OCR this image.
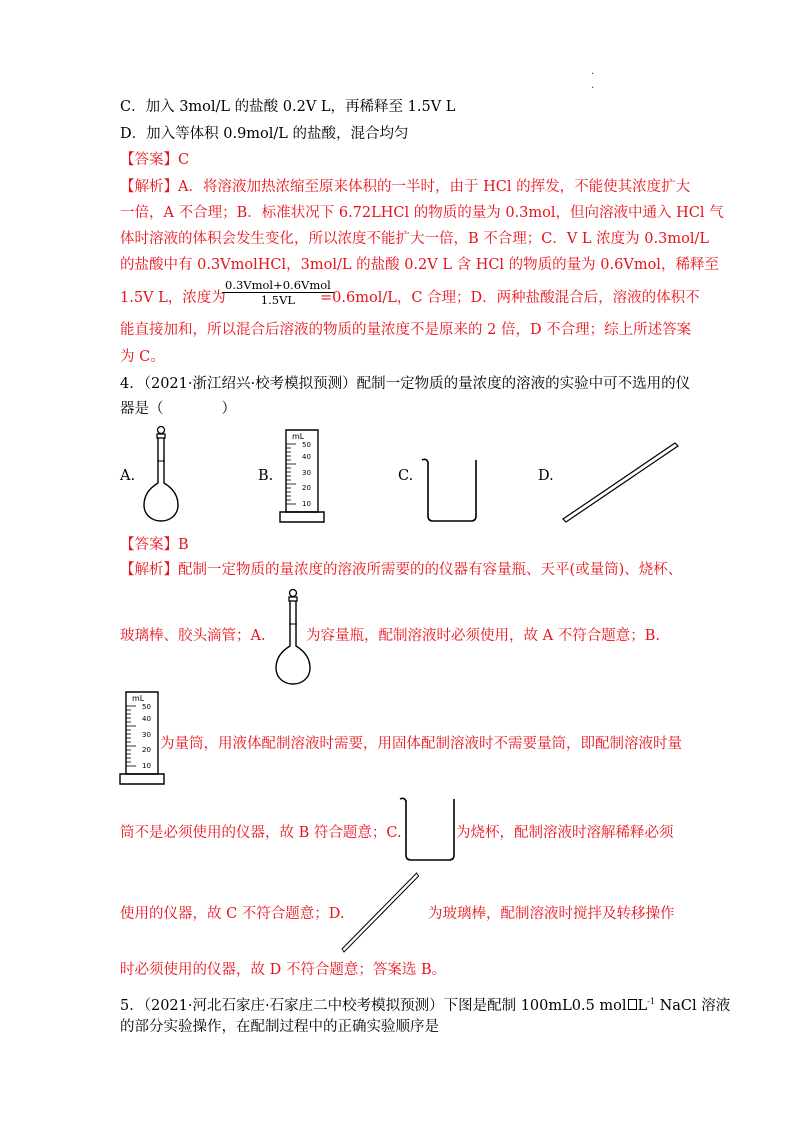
·
·
C．加入 3mol/L 的盐酸 0.2V L，再稀释至 1.5V L
D．加入等体积 0.9mol/L 的盐酸，混合均匀
【答案】C
【解析】A．将溶液加热浓缩至原来体积的一半时，由于 HCl 的挥发，不能使其浓度扩大
一倍，A 不合理；B．标准状况下 6.72LHCl 的物质的量为 0.3mol，但向溶液中通入 HCl 气
体时溶液的体积会发生变化，所以浓度不能扩大一倍，B 不合理；C．V L 浓度为 0.3mol/L
的盐酸中有 0.3VmolHCl，3mol/L 的盐酸 0.2V L 含 HCl 的物质的量为 0.6Vmol，稀释至
1.5V L，浓度为
$\frac{\text{0.3Vmol+0.6Vmol}}{1.5VL}$
=0.6mol/L，C 合理；D．两种盐酸混合后，溶液的体积不
能直接加和，所以混合后溶液的物质的量浓度不是原来的 2 倍，D 不合理；综上所述答案
为 C。
4．（2021·浙江绍兴·校考模拟预测）配制一定物质的量浓度的溶液的实验中可不选用的仪
器是（　　　　）
A.	B.
mL
50
40
30
20
10
C.	D.
【答案】B
【解析】配制一定物质的量浓度的溶液所需要的的仪器有容量瓶、天平(或量筒)、烧杯、
玻璃棒、胶头滴管；A.	为容量瓶，配制溶液时必须使用，故 A 不符合题意；B.
mL
50
40
30
20
10
为量筒，用液体配制溶液时需要，用固体配制溶液时不需要量筒，即配制溶液时量
筒不是必须使用的仪器，故 B 符合题意；C.	为烧杯，配制溶液时溶解稀释必须
使用的仪器，故 C 不符合题意；D.	为玻璃棒，配制溶液时搅拌及转移操作
时必须使用的仪器，故 D 不符合题意；答案选 B。
5．（2021·河北石家庄·石家庄二中校考模拟预测）下图是配制 100mL0.5 mol $L^{-1}$ NaCl 溶液
的部分实验操作，在配制过程中的正确实验顺序是
